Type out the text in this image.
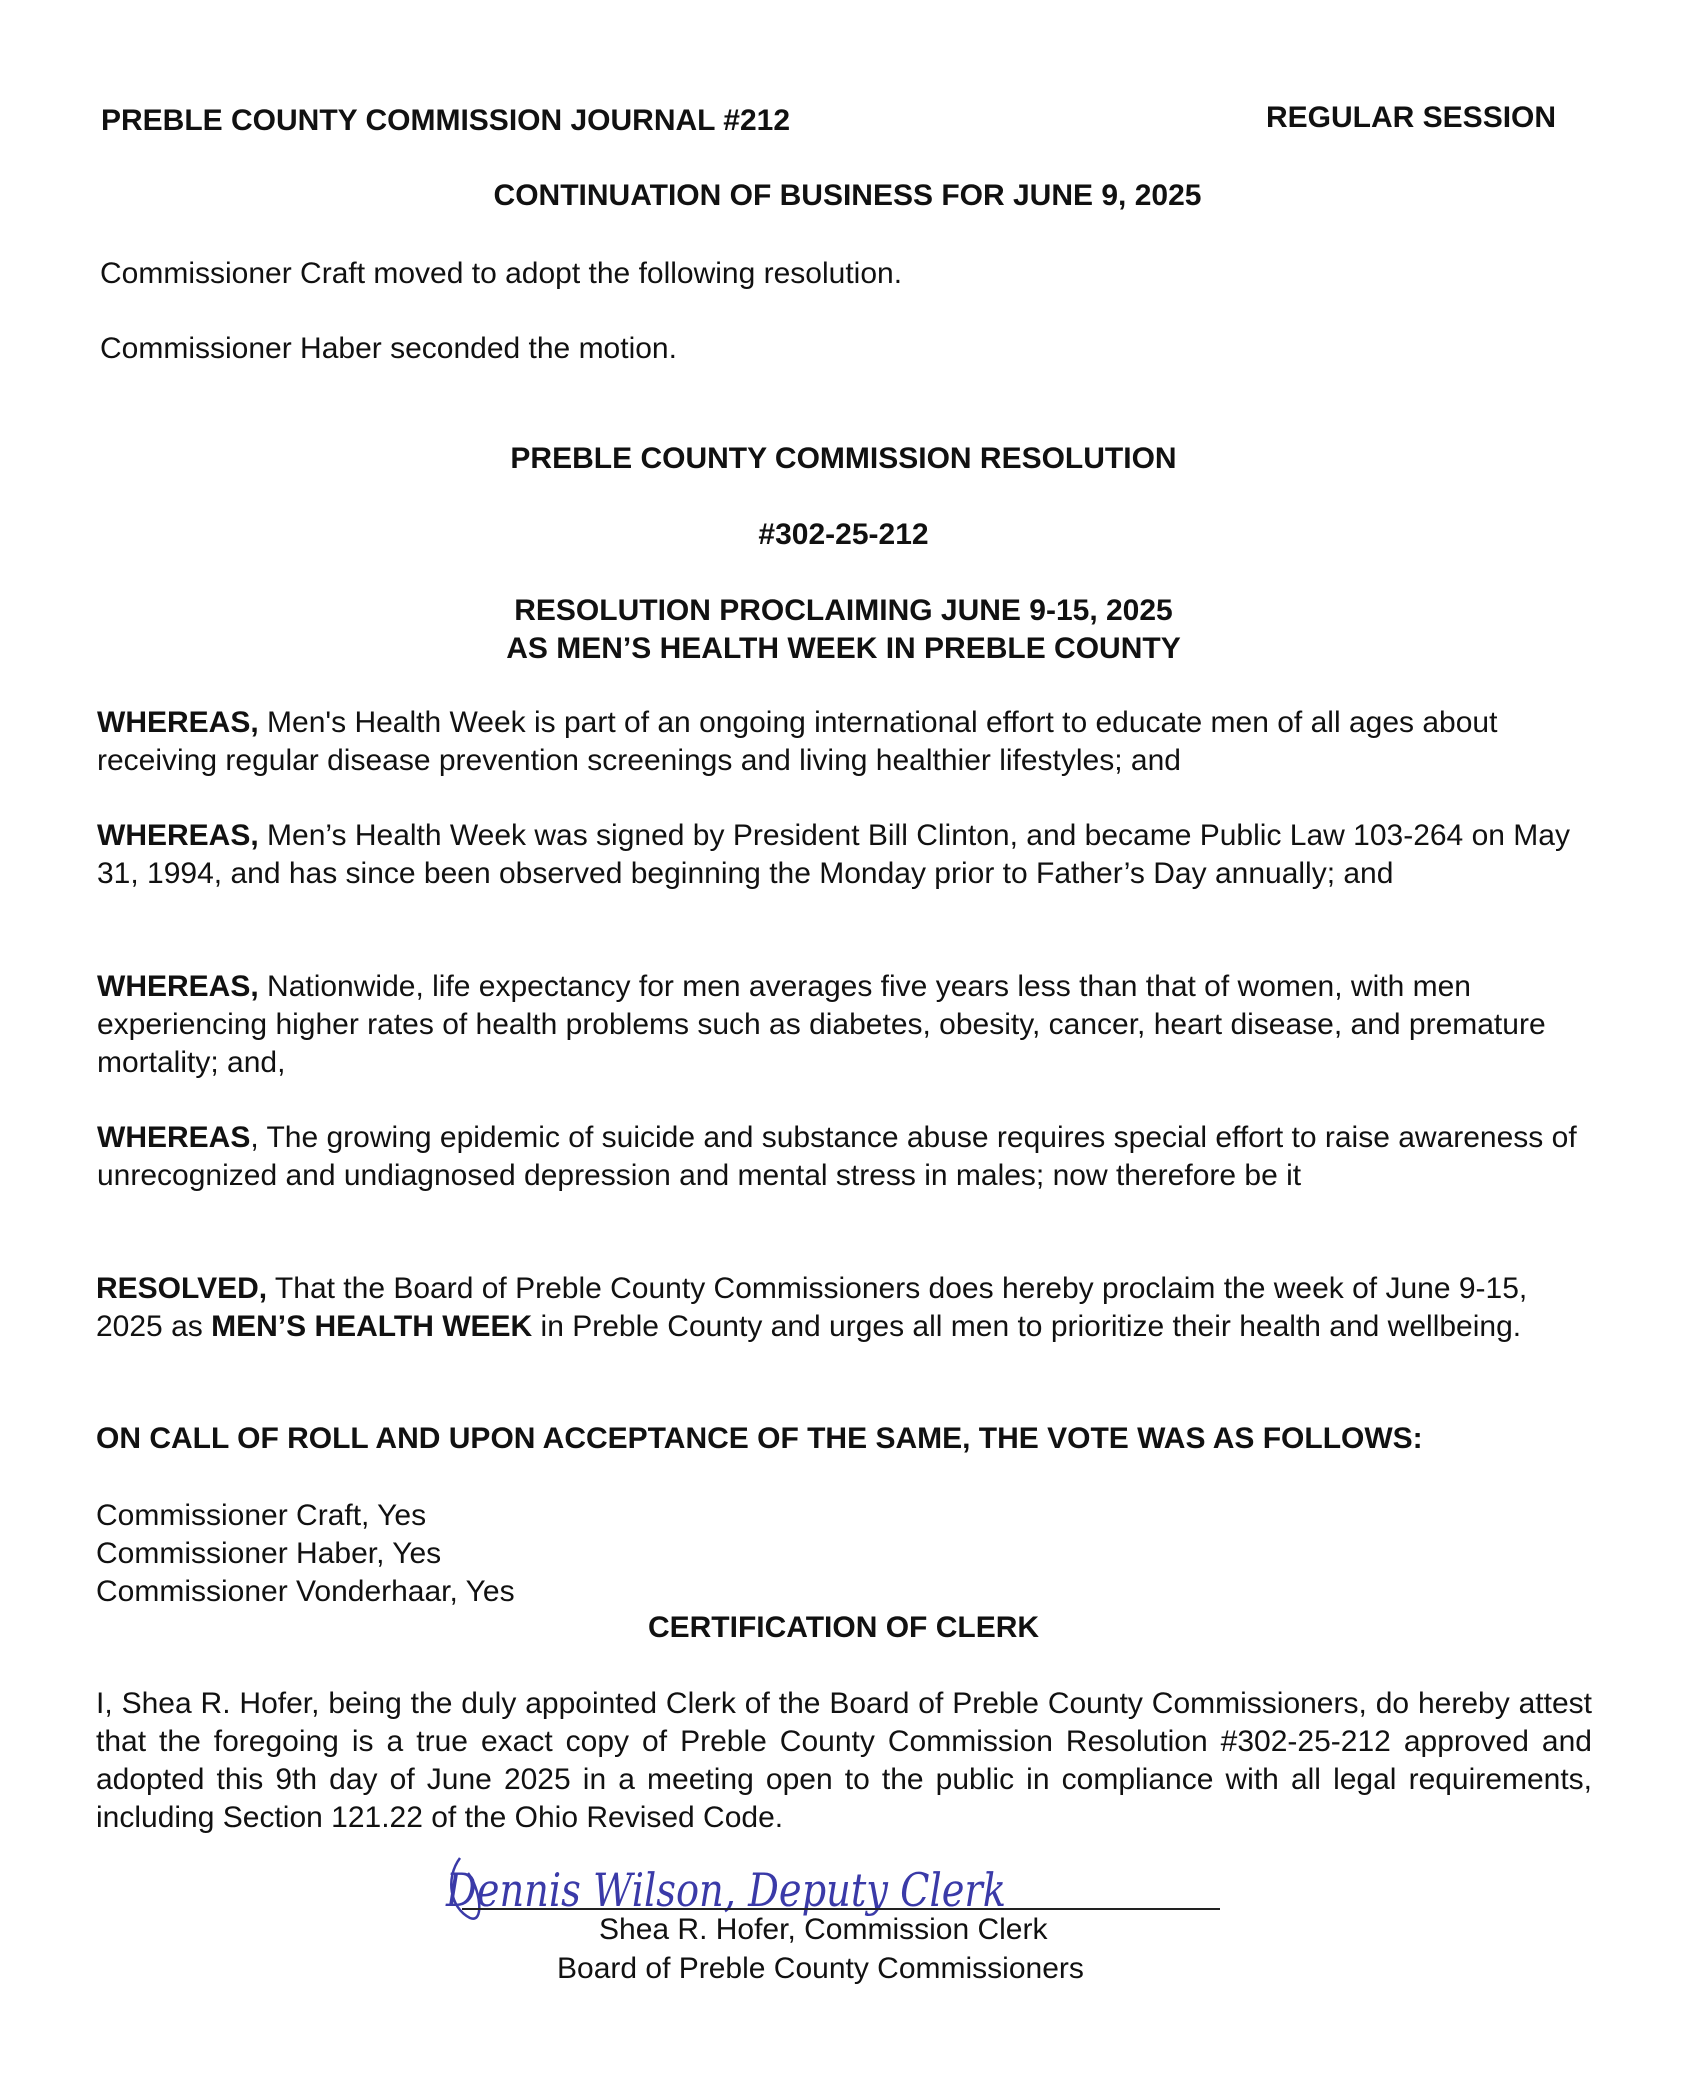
PREBLE COUNTY COMMISSION JOURNAL #212	REGULAR SESSION
CONTINUATION OF BUSINESS FOR JUNE 9, 2025
Commissioner Craft moved to adopt the following resolution.
Commissioner Haber seconded the motion.
PREBLE COUNTY COMMISSION RESOLUTION
#302-25-212
RESOLUTION PROCLAIMING JUNE 9-15, 2025
AS MEN’S HEALTH WEEK IN PREBLE COUNTY

WHEREAS, Men's Health Week is part of an ongoing international effort to educate men of all ages about receiving regular disease prevention screenings and living healthier lifestyles; and

WHEREAS, Men’s Health Week was signed by President Bill Clinton, and became Public Law 103-264 on May 31, 1994, and has since been observed beginning the Monday prior to Father’s Day annually; and

WHEREAS, Nationwide, life expectancy for men averages five years less than that of women, with men experiencing higher rates of health problems such as diabetes, obesity, cancer, heart disease, and premature mortality; and,

WHEREAS, The growing epidemic of suicide and substance abuse requires special effort to raise awareness of unrecognized and undiagnosed depression and mental stress in males; now therefore be it

RESOLVED, That the Board of Preble County Commissioners does hereby proclaim the week of June 9-15, 2025 as MEN’S HEALTH WEEK in Preble County and urges all men to prioritize their health and wellbeing.

ON CALL OF ROLL AND UPON ACCEPTANCE OF THE SAME, THE VOTE WAS AS FOLLOWS:
Commissioner Craft, Yes
Commissioner Haber, Yes
Commissioner Vonderhaar, Yes
CERTIFICATION OF CLERK

I, Shea R. Hofer, being the duly appointed Clerk of the Board of Preble County Commissioners, do hereby attest that the foregoing is a true exact copy of Preble County Commission Resolution #302-25-212 approved and adopted this 9th day of June 2025 in a meeting open to the public in compliance with all legal requirements, including Section 121.22 of the Ohio Revised Code.

Dennis Wilson, Deputy Clerk
Shea R. Hofer, Commission Clerk
Board of Preble County Commissioners
